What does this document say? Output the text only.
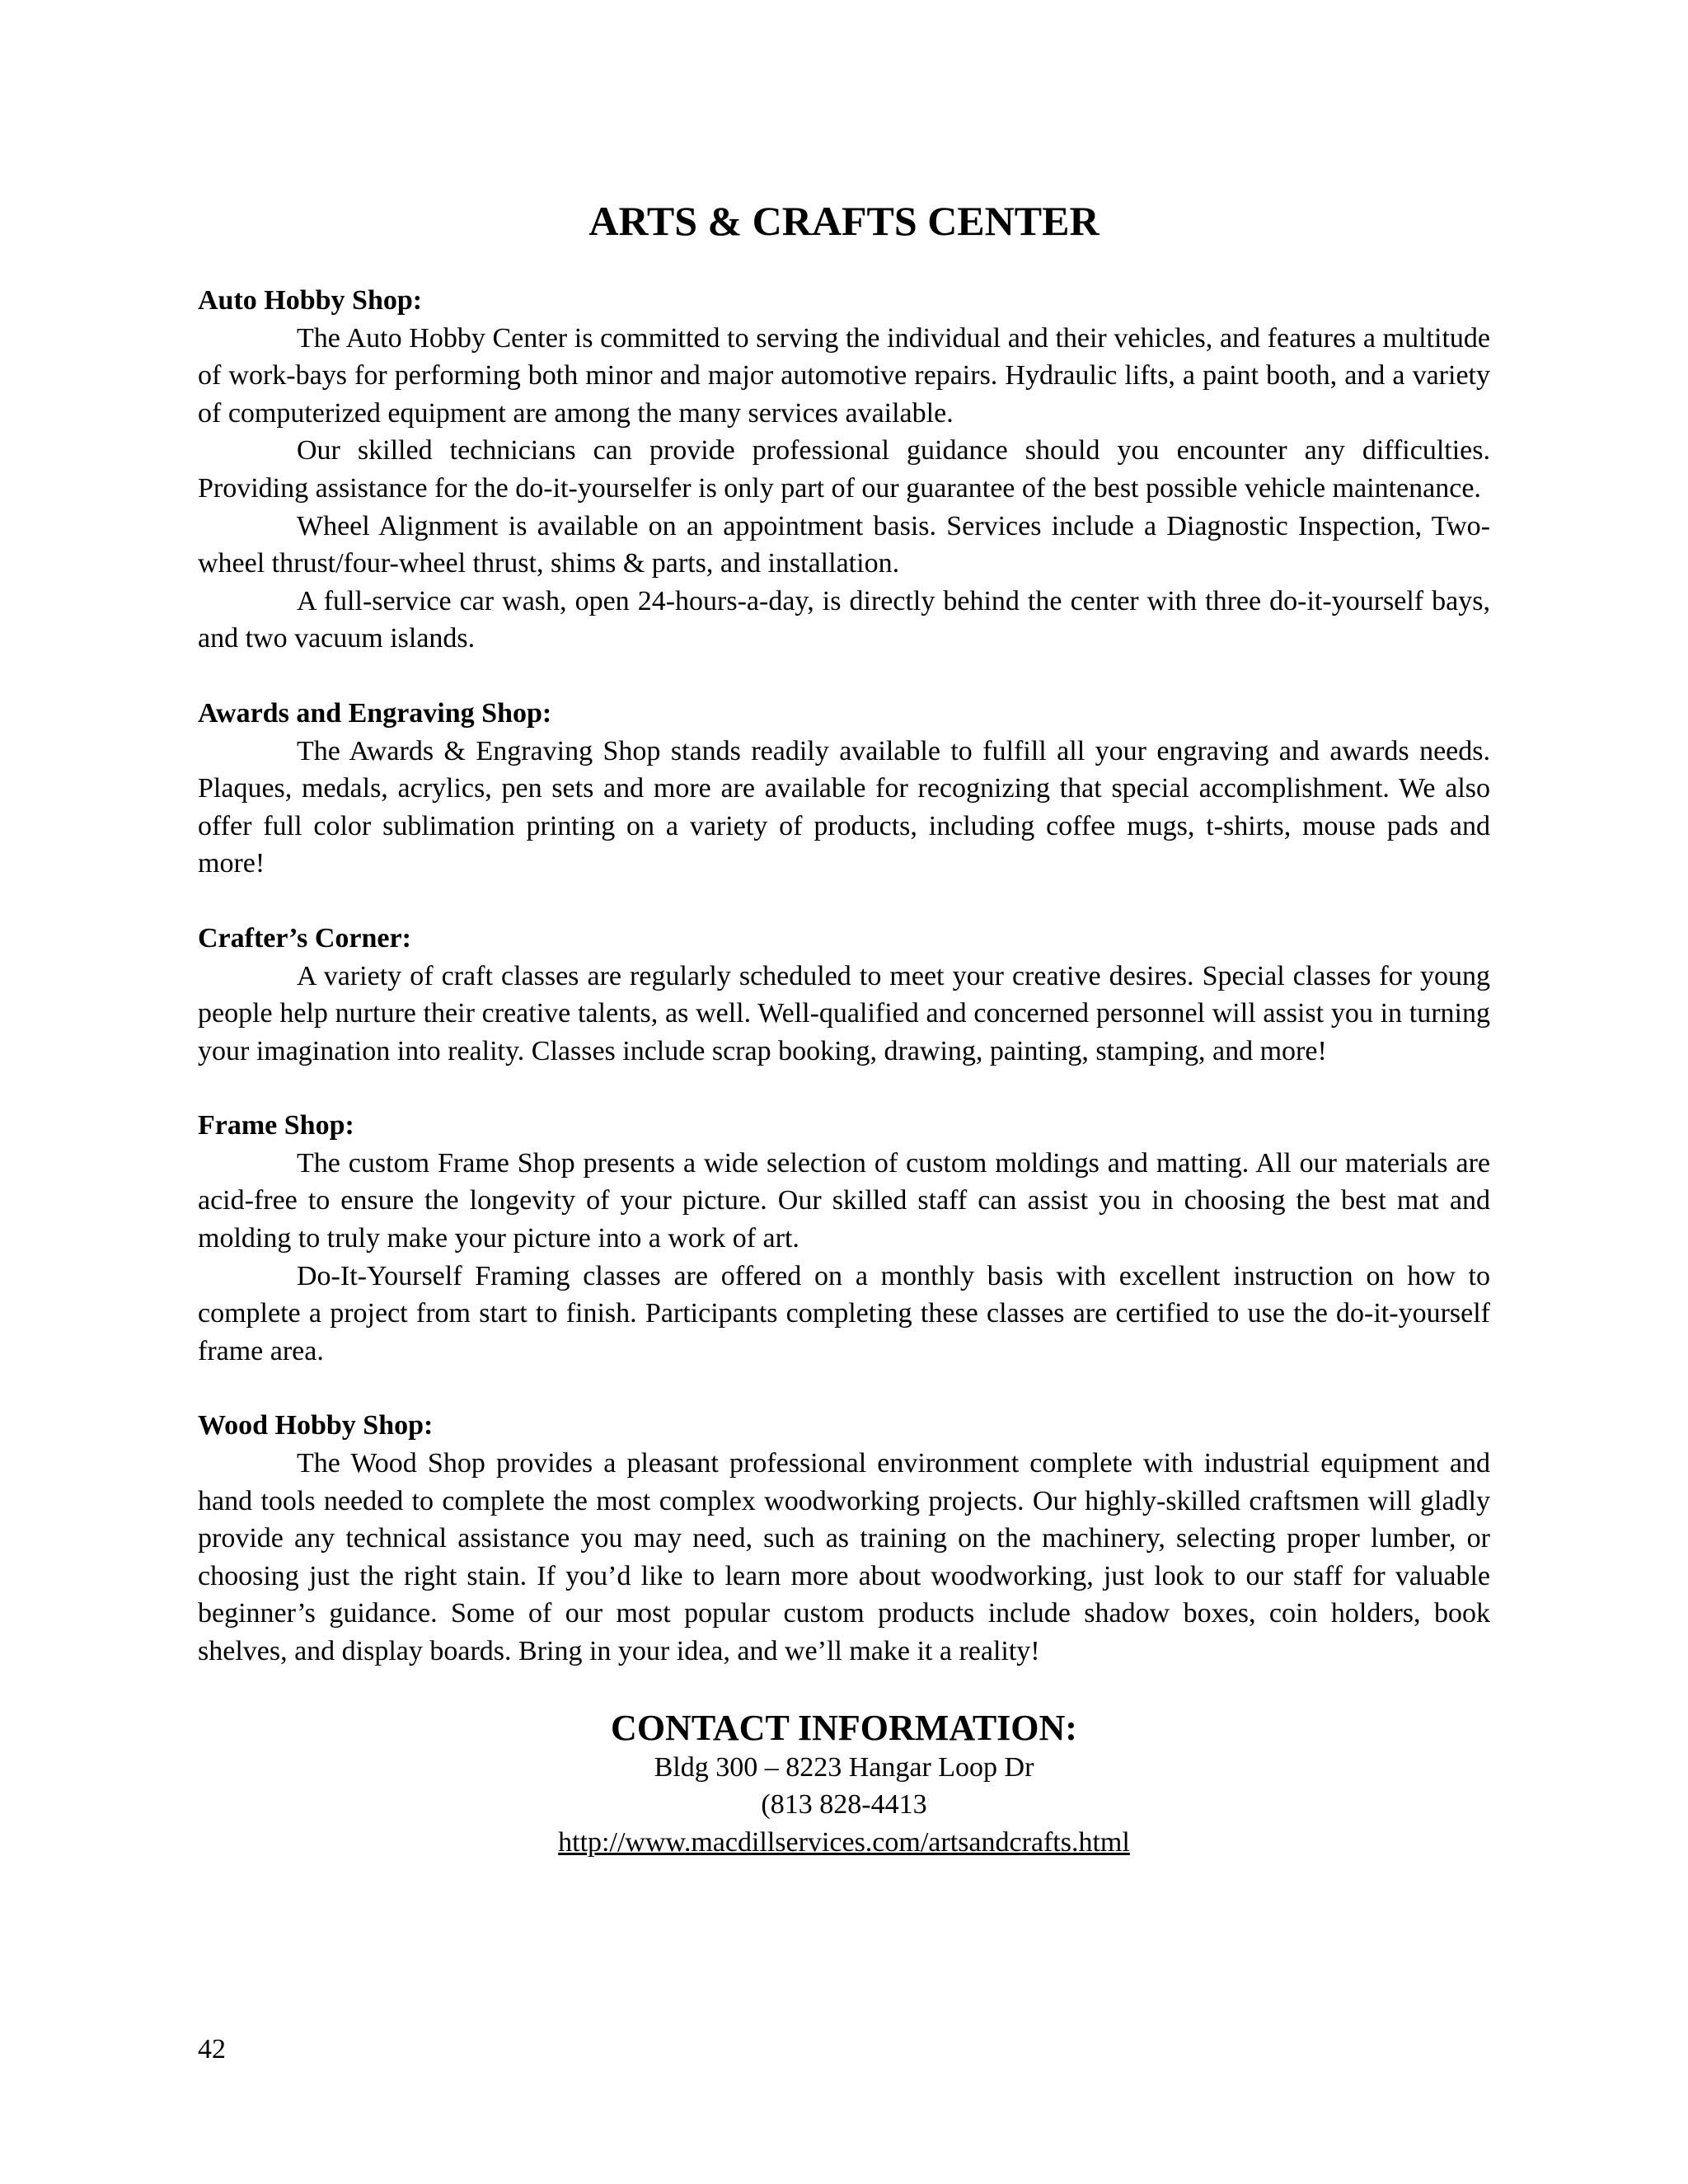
ARTS & CRAFTS CENTER

Auto Hobby Shop:

The Auto Hobby Center is committed to serving the individual and their vehicles, and features a multitude of work-bays for performing both minor and major automotive repairs. Hydraulic lifts, a paint booth, and a variety of computerized equipment are among the many services available.

Our skilled technicians can provide professional guidance should you encounter any difficulties. Providing assistance for the do-it-yourselfer is only part of our guarantee of the best possible vehicle maintenance.

Wheel Alignment is available on an appointment basis. Services include a Diagnostic Inspection, Two-wheel thrust/four-wheel thrust, shims & parts, and installation.

A full-service car wash, open 24-hours-a-day, is directly behind the center with three do-it-yourself bays, and two vacuum islands.

Awards and Engraving Shop:

The Awards & Engraving Shop stands readily available to fulfill all your engraving and awards needs. Plaques, medals, acrylics, pen sets and more are available for recognizing that special accomplishment. We also offer full color sublimation printing on a variety of products, including coffee mugs, t-shirts, mouse pads and more!

Crafter’s Corner:

A variety of craft classes are regularly scheduled to meet your creative desires. Special classes for young people help nurture their creative talents, as well. Well-qualified and concerned personnel will assist you in turning your imagination into reality. Classes include scrap booking, drawing, painting, stamping, and more!

Frame Shop:

The custom Frame Shop presents a wide selection of custom moldings and matting. All our materials are acid-free to ensure the longevity of your picture. Our skilled staff can assist you in choosing the best mat and molding to truly make your picture into a work of art.

Do-It-Yourself Framing classes are offered on a monthly basis with excellent instruction on how to complete a project from start to finish. Participants completing these classes are certified to use the do-it-yourself frame area.

Wood Hobby Shop:

The Wood Shop provides a pleasant professional environment complete with industrial equipment and hand tools needed to complete the most complex woodworking projects. Our highly-skilled craftsmen will gladly provide any technical assistance you may need, such as training on the machinery, selecting proper lumber, or choosing just the right stain. If you’d like to learn more about woodworking, just look to our staff for valuable beginner’s guidance. Some of our most popular custom products include shadow boxes, coin holders, book shelves, and display boards. Bring in your idea, and we’ll make it a reality!

CONTACT INFORMATION:

Bldg 300 – 8223 Hangar Loop Dr

(813 828-4413

http://www.macdillservices.com/artsandcrafts.html

42
